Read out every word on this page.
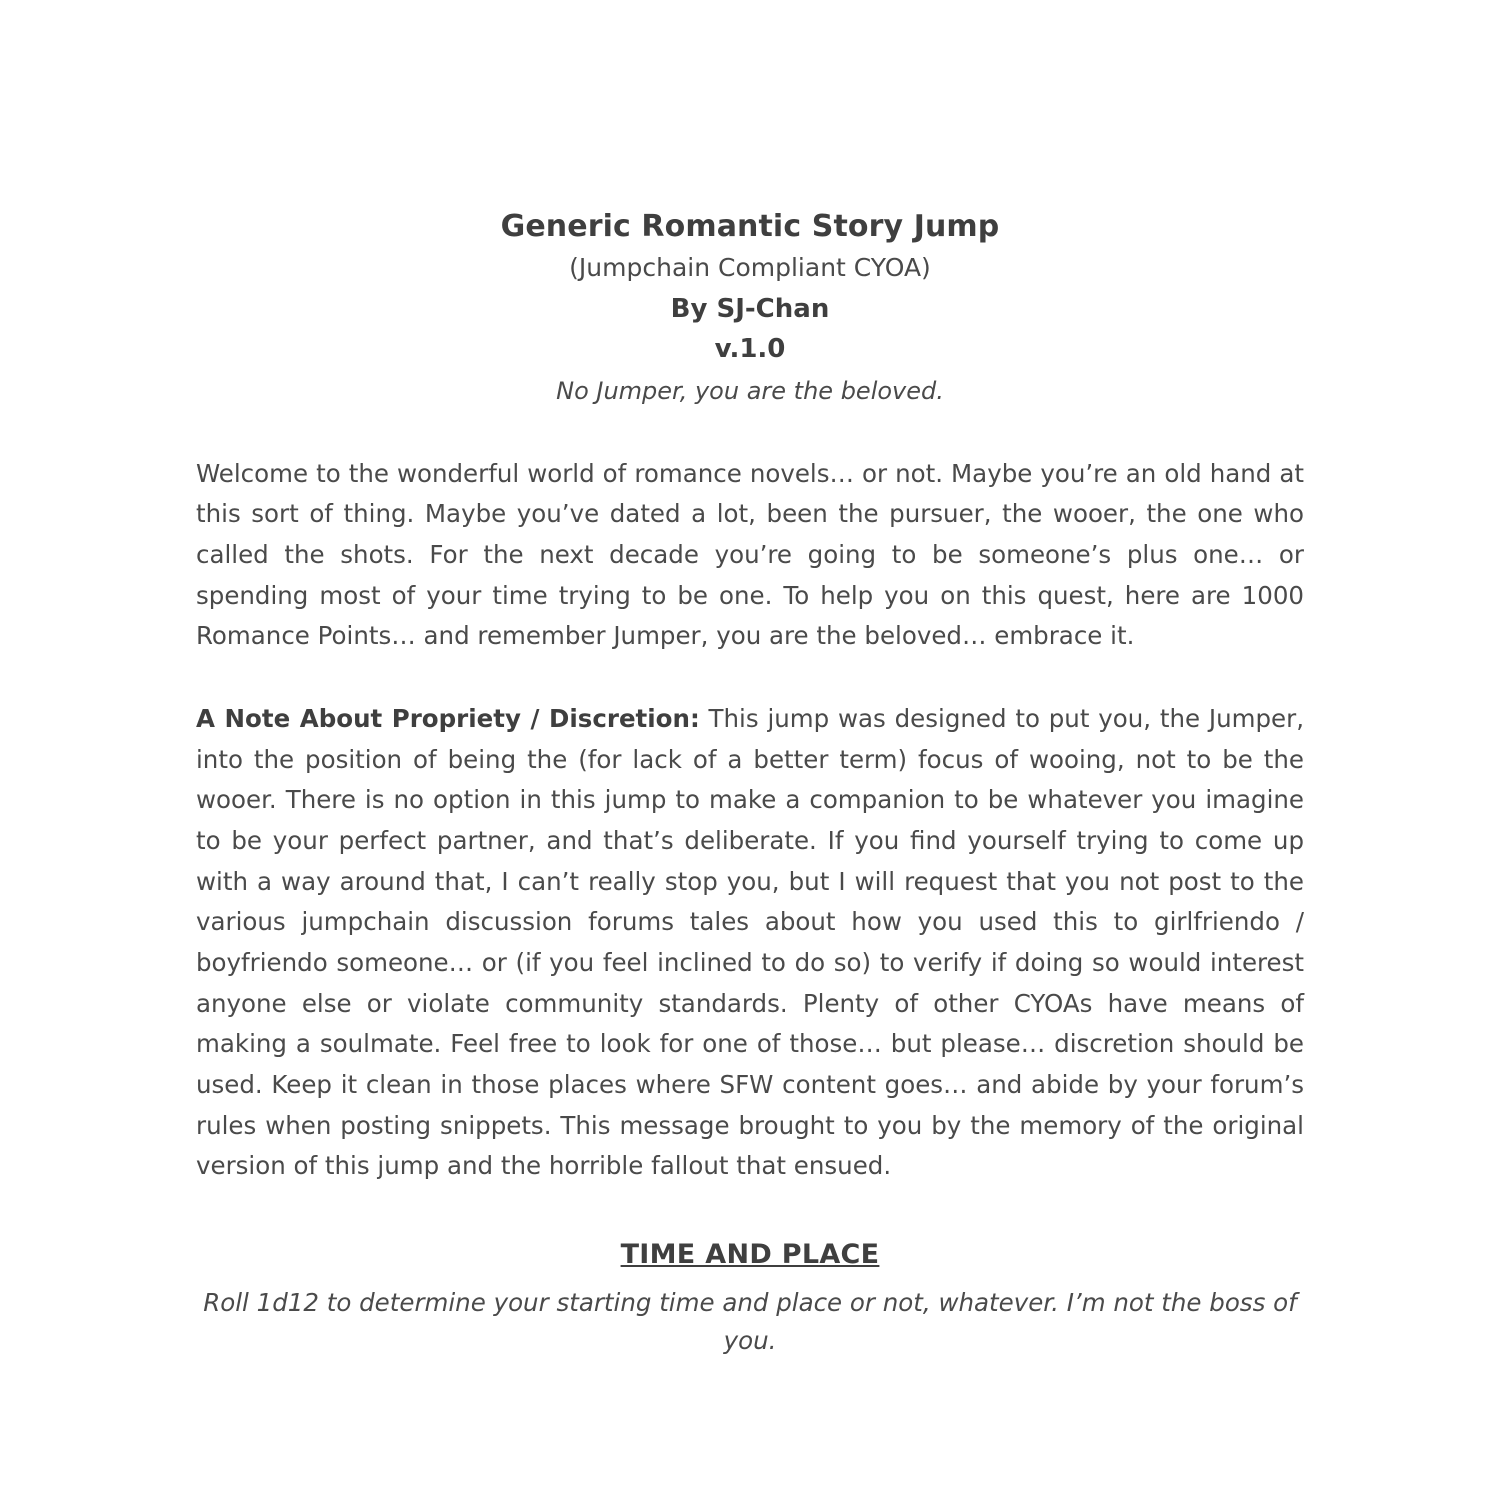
Generic Romantic Story Jump
(Jumpchain Compliant CYOA)
By SJ-Chan
v.1.0
No Jumper, you are the beloved.

Welcome to the wonderful world of romance novels… or not. Maybe you’re an old hand at this sort of thing. Maybe you’ve dated a lot, been the pursuer, the wooer, the one who called the shots. For the next decade you’re going to be someone’s plus one… or spending most of your time trying to be one. To help you on this quest, here are 1000 Romance Points… and remember Jumper, you are the beloved… embrace it.

A Note About Propriety / Discretion: This jump was designed to put you, the Jumper, into the position of being the (for lack of a better term) focus of wooing, not to be the wooer. There is no option in this jump to make a companion to be whatever you imagine to be your perfect partner, and that’s deliberate. If you find yourself trying to come up with a way around that, I can’t really stop you, but I will request that you not post to the various jumpchain discussion forums tales about how you used this to girlfriendo / boyfriendo someone… or (if you feel inclined to do so) to verify if doing so would interest anyone else or violate community standards. Plenty of other CYOAs have means of making a soulmate. Feel free to look for one of those… but please… discretion should be used. Keep it clean in those places where SFW content goes… and abide by your forum’s rules when posting snippets. This message brought to you by the memory of the original version of this jump and the horrible fallout that ensued.

TIME AND PLACE
Roll 1d12 to determine your starting time and place or not, whatever. I’m not the boss of you.
